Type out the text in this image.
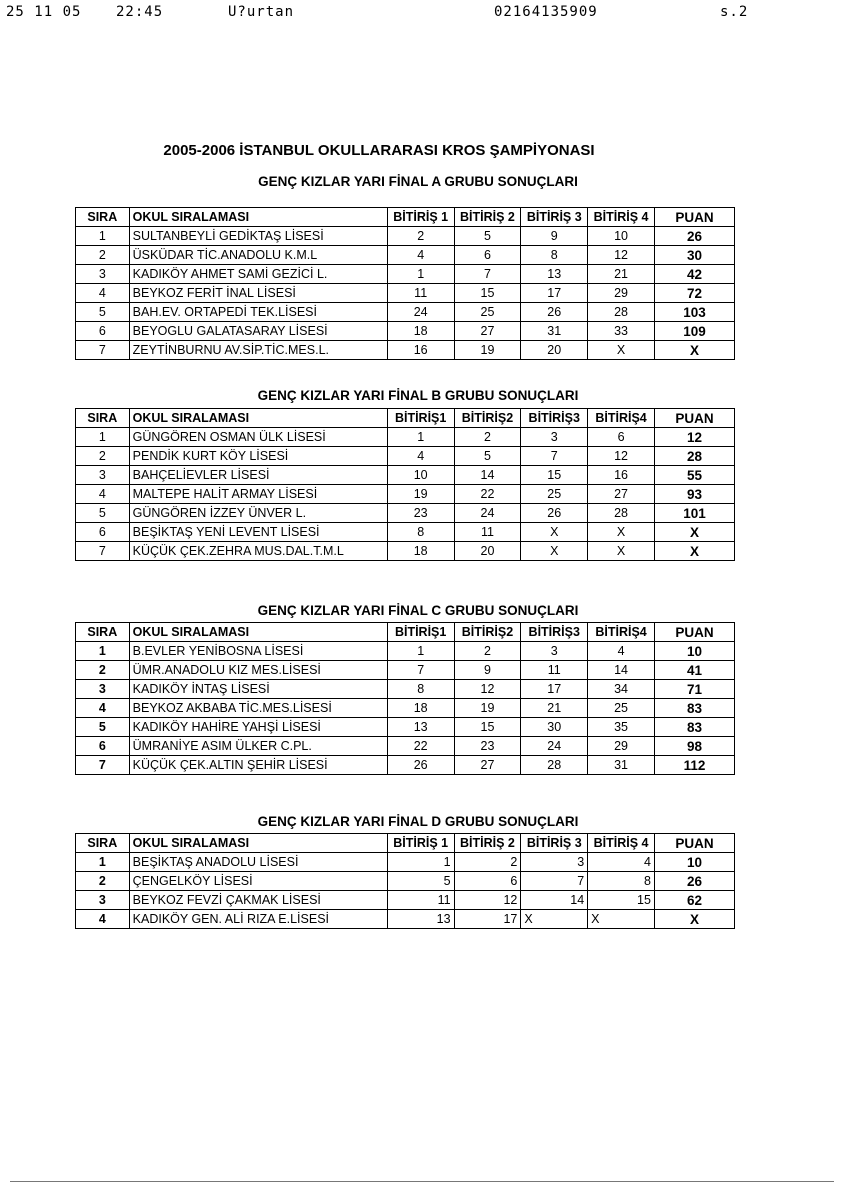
25 11 05 22:45	U?urtan	02164135909	s.2
2005-2006 İSTANBUL OKULLARARASI KROS ŞAMPİYONASI
GENÇ KIZLAR YARI FİNAL A GRUBU SONUÇLARI
SIRA	OKUL SIRALAMASI	BİTİRİŞ 1	BİTİRİŞ 2	BİTİRİŞ 3	BİTİRİŞ 4	PUAN
1	SULTANBEYLİ GEDİKTAŞ LİSESİ	2	5	9	10	26
2	ÜSKÜDAR TİC.ANADOLU K.M.L	4	6	8	12	30
3	KADIKÖY AHMET SAMİ GEZİCİ L.	1	7	13	21	42
4	BEYKOZ FERİT İNAL LİSESİ	11	15	17	29	72
5	BAH.EV. ORTAPEDİ TEK.LİSESİ	24	25	26	28	103
6	BEYOGLU GALATASARAY LİSESİ	18	27	31	33	109
7	ZEYTİNBURNU AV.SİP.TİC.MES.L.	16	19	20	X	X
GENÇ KIZLAR YARI FİNAL B GRUBU SONUÇLARI
SIRA	OKUL SIRALAMASI	BİTİRİŞ1	BİTİRİŞ2	BİTİRİŞ3	BİTİRİŞ4	PUAN
1	GÜNGÖREN OSMAN ÜLK LİSESİ	1	2	3	6	12
2	PENDİK KURT KÖY LİSESİ	4	5	7	12	28
3	BAHÇELİEVLER LİSESİ	10	14	15	16	55
4	MALTEPE HALİT ARMAY LİSESİ	19	22	25	27	93
5	GÜNGÖREN İZZEY ÜNVER L.	23	24	26	28	101
6	BEŞİKTAŞ YENİ LEVENT LİSESİ	8	11	X	X	X
7	KÜÇÜK ÇEK.ZEHRA MUS.DAL.T.M.L	18	20	X	X	X
GENÇ KIZLAR YARI FİNAL C GRUBU SONUÇLARI
SIRA	OKUL SIRALAMASI	BİTİRİŞ1	BİTİRİŞ2	BİTİRİŞ3	BİTİRİŞ4	PUAN
1	B.EVLER YENİBOSNA LİSESİ	1	2	3	4	10
2	ÜMR.ANADOLU KIZ MES.LİSESİ	7	9	11	14	41
3	KADIKÖY İNTAŞ LİSESİ	8	12	17	34	71
4	BEYKOZ AKBABA TİC.MES.LİSESİ	18	19	21	25	83
5	KADIKÖY HAHİRE YAHŞİ LİSESİ	13	15	30	35	83
6	ÜMRANİYE ASIM ÜLKER C.PL.	22	23	24	29	98
7	KÜÇÜK ÇEK.ALTIN ŞEHİR LİSESİ	26	27	28	31	112
GENÇ KIZLAR YARI FİNAL D GRUBU SONUÇLARI
SIRA	OKUL SIRALAMASI	BİTİRİŞ 1	BİTİRİŞ 2	BİTİRİŞ 3	BİTİRİŞ 4	PUAN
1	BEŞİKTAŞ ANADOLU LİSESİ	1	2	3	4	10
2	ÇENGELKÖY LİSESİ	5	6	7	8	26
3	BEYKOZ FEVZİ ÇAKMAK LİSESİ	11	12	14	15	62
4	KADIKÖY GEN. ALİ RIZA E.LİSESİ	13	17	X	X	X
